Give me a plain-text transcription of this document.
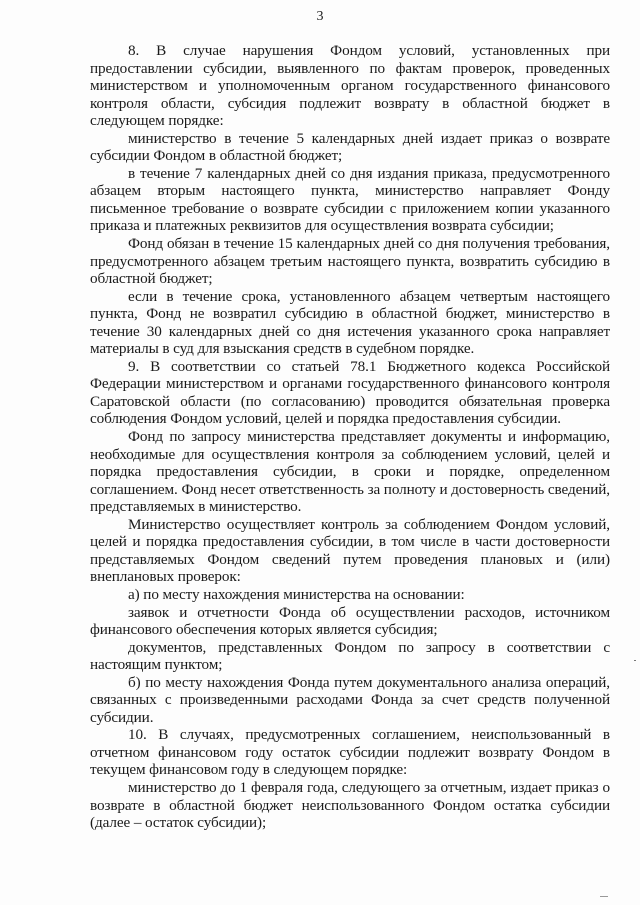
3

8. В случае нарушения Фондом условий, установленных при предоставлении субсидии, выявленного по фактам проверок, проведенных министерством и уполномоченным органом государственного финансового контроля области, субсидия подлежит возврату в областной бюджет в следующем порядке:

министерство в течение 5 календарных дней издает приказ о возврате субсидии Фондом в областной бюджет;

в течение 7 календарных дней со дня издания приказа, предусмотренного абзацем вторым настоящего пункта, министерство направляет Фонду письменное требование о возврате субсидии с приложением копии указанного приказа и платежных реквизитов для осуществления возврата субсидии;

Фонд обязан в течение 15 календарных дней со дня получения требования, предусмотренного абзацем третьим настоящего пункта, возвратить субсидию в областной бюджет;

если в течение срока, установленного абзацем четвертым настоящего пункта, Фонд не возвратил субсидию в областной бюджет, министерство в течение 30 календарных дней со дня истечения указанного срока направляет материалы в суд для взыскания средств в судебном порядке.

9. В соответствии со статьей 78.1 Бюджетного кодекса Российской Федерации министерством и органами государственного финансового контроля Саратовской области (по согласованию) проводится обязательная проверка соблюдения Фондом условий, целей и порядка предоставления субсидии.

Фонд по запросу министерства представляет документы и информацию, необходимые для осуществления контроля за соблюдением условий, целей и порядка предоставления субсидии, в сроки и порядке, определенном соглашением. Фонд несет ответственность за полноту и достоверность сведений, представляемых в министерство.

Министерство осуществляет контроль за соблюдением Фондом условий, целей и порядка предоставления субсидии, в том числе в части достоверности представляемых Фондом сведений путем проведения плановых и (или) внеплановых проверок:

а) по месту нахождения министерства на основании:

заявок и отчетности Фонда об осуществлении расходов, источником финансового обеспечения которых является субсидия;

документов, представленных Фондом по запросу в соответствии с настоящим пунктом;

б) по месту нахождения Фонда путем документального анализа операций, связанных с произведенными расходами Фонда за счет средств полученной субсидии.

10. В случаях, предусмотренных соглашением, неиспользованный в отчетном финансовом году остаток субсидии подлежит возврату Фондом в текущем финансовом году в следующем порядке:

министерство до 1 февраля года, следующего за отчетным, издает приказ о возврате в областной бюджет неиспользованного Фондом остатка субсидии (далее – остаток субсидии);
